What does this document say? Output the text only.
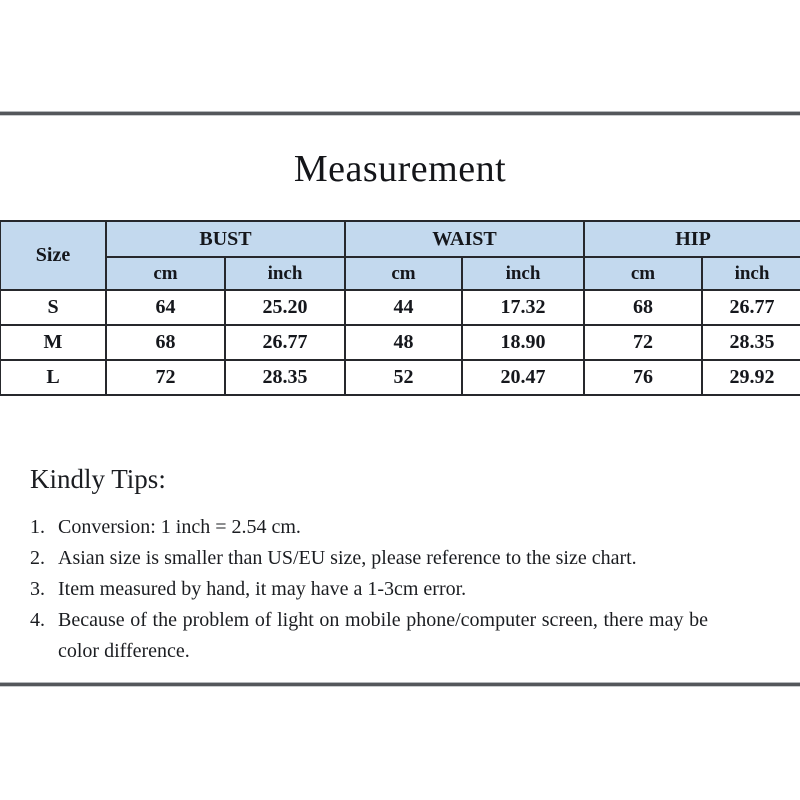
Measurement
Size	BUST		WAIST		HIP	
	cm	inch	cm	inch	cm	inch
S	64	25.20	44	17.32	68	26.77
M	68	26.77	48	18.90	72	28.35
L	72	28.35	52	20.47	76	29.92
Kindly Tips:
1. Conversion: 1 inch = 2.54 cm.
2. Asian size is smaller than US/EU size, please reference to the size chart.
3. Item measured by hand, it may have a 1-3cm error.
4. Because of the problem of light on mobile phone/computer screen, there may be color difference.
